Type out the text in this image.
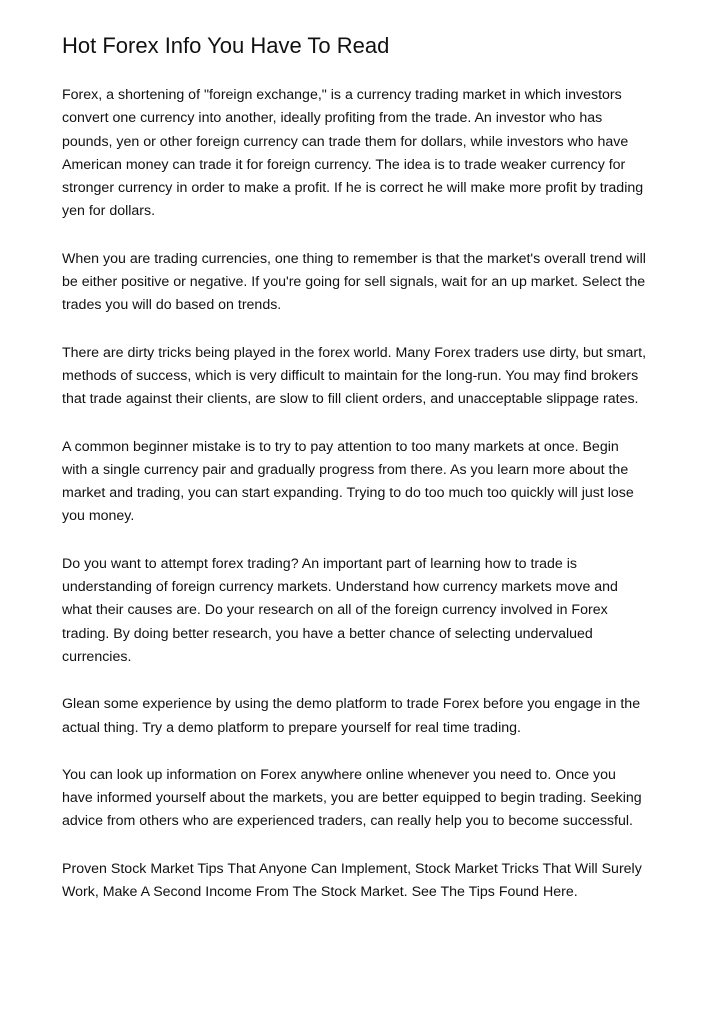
Hot Forex Info You Have To Read

Forex, a shortening of "foreign exchange," is a currency trading market in which investors
convert one currency into another, ideally profiting from the trade. An investor who has
pounds, yen or other foreign currency can trade them for dollars, while investors who have
American money can trade it for foreign currency. The idea is to trade weaker currency for
stronger currency in order to make a profit. If he is correct he will make more profit by trading
yen for dollars.

When you are trading currencies, one thing to remember is that the market's overall trend will
be either positive or negative. If you're going for sell signals, wait for an up market. Select the
trades you will do based on trends.

There are dirty tricks being played in the forex world. Many Forex traders use dirty, but smart,
methods of success, which is very difficult to maintain for the long-run. You may find brokers
that trade against their clients, are slow to fill client orders, and unacceptable slippage rates.

A common beginner mistake is to try to pay attention to too many markets at once. Begin
with a single currency pair and gradually progress from there. As you learn more about the
market and trading, you can start expanding. Trying to do too much too quickly will just lose
you money.

Do you want to attempt forex trading? An important part of learning how to trade is
understanding of foreign currency markets. Understand how currency markets move and
what their causes are. Do your research on all of the foreign currency involved in Forex
trading. By doing better research, you have a better chance of selecting undervalued
currencies.

Glean some experience by using the demo platform to trade Forex before you engage in the
actual thing. Try a demo platform to prepare yourself for real time trading.

You can look up information on Forex anywhere online whenever you need to. Once you
have informed yourself about the markets, you are better equipped to begin trading. Seeking
advice from others who are experienced traders, can really help you to become successful.

Proven Stock Market Tips That Anyone Can Implement, Stock Market Tricks That Will Surely
Work, Make A Second Income From The Stock Market. See The Tips Found Here.
